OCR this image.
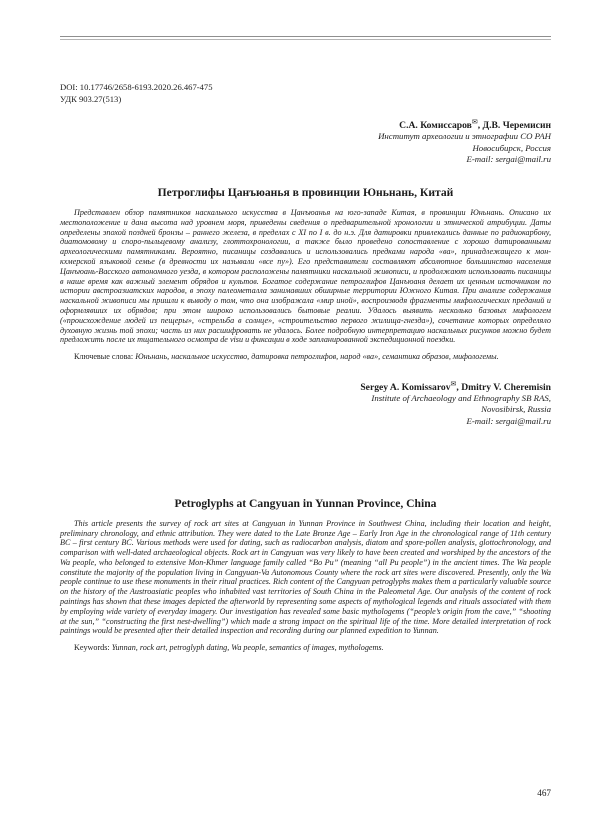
DOI: 10.17746/2658-6193.2020.26.467-475
УДК 903.27(513)
С.А. Комиссаров✉, Д.В. Черемисин
Институт археологии и этнографии СО РАН
Новосибирск, Россия
E-mail: sergai@mail.ru
Петроглифы Цанъюанья в провинции Юньнань, Китай
Представлен обзор памятников наскального искусства в Цанъюанья на юго-западе Китая, в провинции Юньнань. Описано их местоположение и дана высота над уровнем моря, приведены сведения о предварительной хронологии и этнической атрибуции. Даты определены эпохой поздней бронзы – раннего железа, в пределах с XI по I в. до н.э. Для датировки привлекались данные по радиокарбону, диатомовому и споро-пыльцевому анализу, глоттохронологии, а также было проведено сопоставление с хорошо датированными археологическими памятниками. Вероятно, писаницы создавались и использовались предками народа «ва», принадлежащего к мон-кхмерской языковой семье (в древности их называли «все пу»). Его представители составляют абсолютное большинство населения Цанъюань-Васского автономного уезда, в котором расположены памятники наскальной живописи, и продолжают использовать писаницы в наше время как важный элемент обрядов и культов. Богатое содержание петроглифов Цанъюаня делает их ценным источником по истории австроазиатских народов, в эпоху палеометалла занимавших обширные территории Южного Китая. При анализе содержания наскальной живописи мы пришли к выводу о том, что она изображала «мир иной», воспроизводя фрагменты мифологических преданий и оформлявших их обрядов; при этом широко использовались бытовые реалии. Удалось выявить несколько базовых мифологем («происхождение людей из пещеры», «стрельба в солнце», «строительство первого жилища-гнезда»), сочетание которых определяло духовную жизнь той эпохи; часть из них расшифровать не удалось. Более подробную интерпретацию наскальных рисунков можно будет предложить после их тщательного осмотра de visu и фиксации в ходе запланированной экспедиционной поездки.
Ключевые слова: Юньнань, наскальное искусство, датировка петроглифов, народ «ва», семантика образов, мифологемы.
Sergey A. Komissarov✉, Dmitry V. Cheremisin
Institute of Archaeology and Ethnography SB RAS,
Novosibirsk, Russia
E-mail: sergai@mail.ru
Petroglyphs at Cangyuan in Yunnan Province, China
This article presents the survey of rock art sites at Cangyuan in Yunnan Province in Southwest China, including their location and height, preliminary chronology, and ethnic attribution. They were dated to the Late Bronze Age – Early Iron Age in the chronological range of 11th century BC – first century BC. Various methods were used for dating, such as radiocarbon analysis, diatom and spore-pollen analysis, glottochronology, and comparison with well-dated archaeological objects. Rock art in Cangyuan was very likely to have been created and worshiped by the ancestors of the Wa people, who belonged to extensive Mon-Khmer language family called “Bo Pu” (meaning “all Pu people”) in the ancient times. The Wa people constitute the majority of the population living in Cangyuan-Va Autonomous County where the rock art sites were discovered. Presently, only the Wa people continue to use these monuments in their ritual practices. Rich content of the Cangyuan petroglyphs makes them a particularly valuable source on the history of the Austroasiatic peoples who inhabited vast territories of South China in the Paleometal Age. Our analysis of the content of rock paintings has shown that these images depicted the afterworld by representing some aspects of mythological legends and rituals associated with them by employing wide variety of everyday imagery. Our investigation has revealed some basic mythologems (“people’s origin from the cave,” “shooting at the sun,” “constructing the first nest-dwelling”) which made a strong impact on the spiritual life of the time. More detailed interpretation of rock paintings would be presented after their detailed inspection and recording during our planned expedition to Yunnan.
Keywords: Yunnan, rock art, petroglyph dating, Wa people, semantics of images, mythologems.
467
